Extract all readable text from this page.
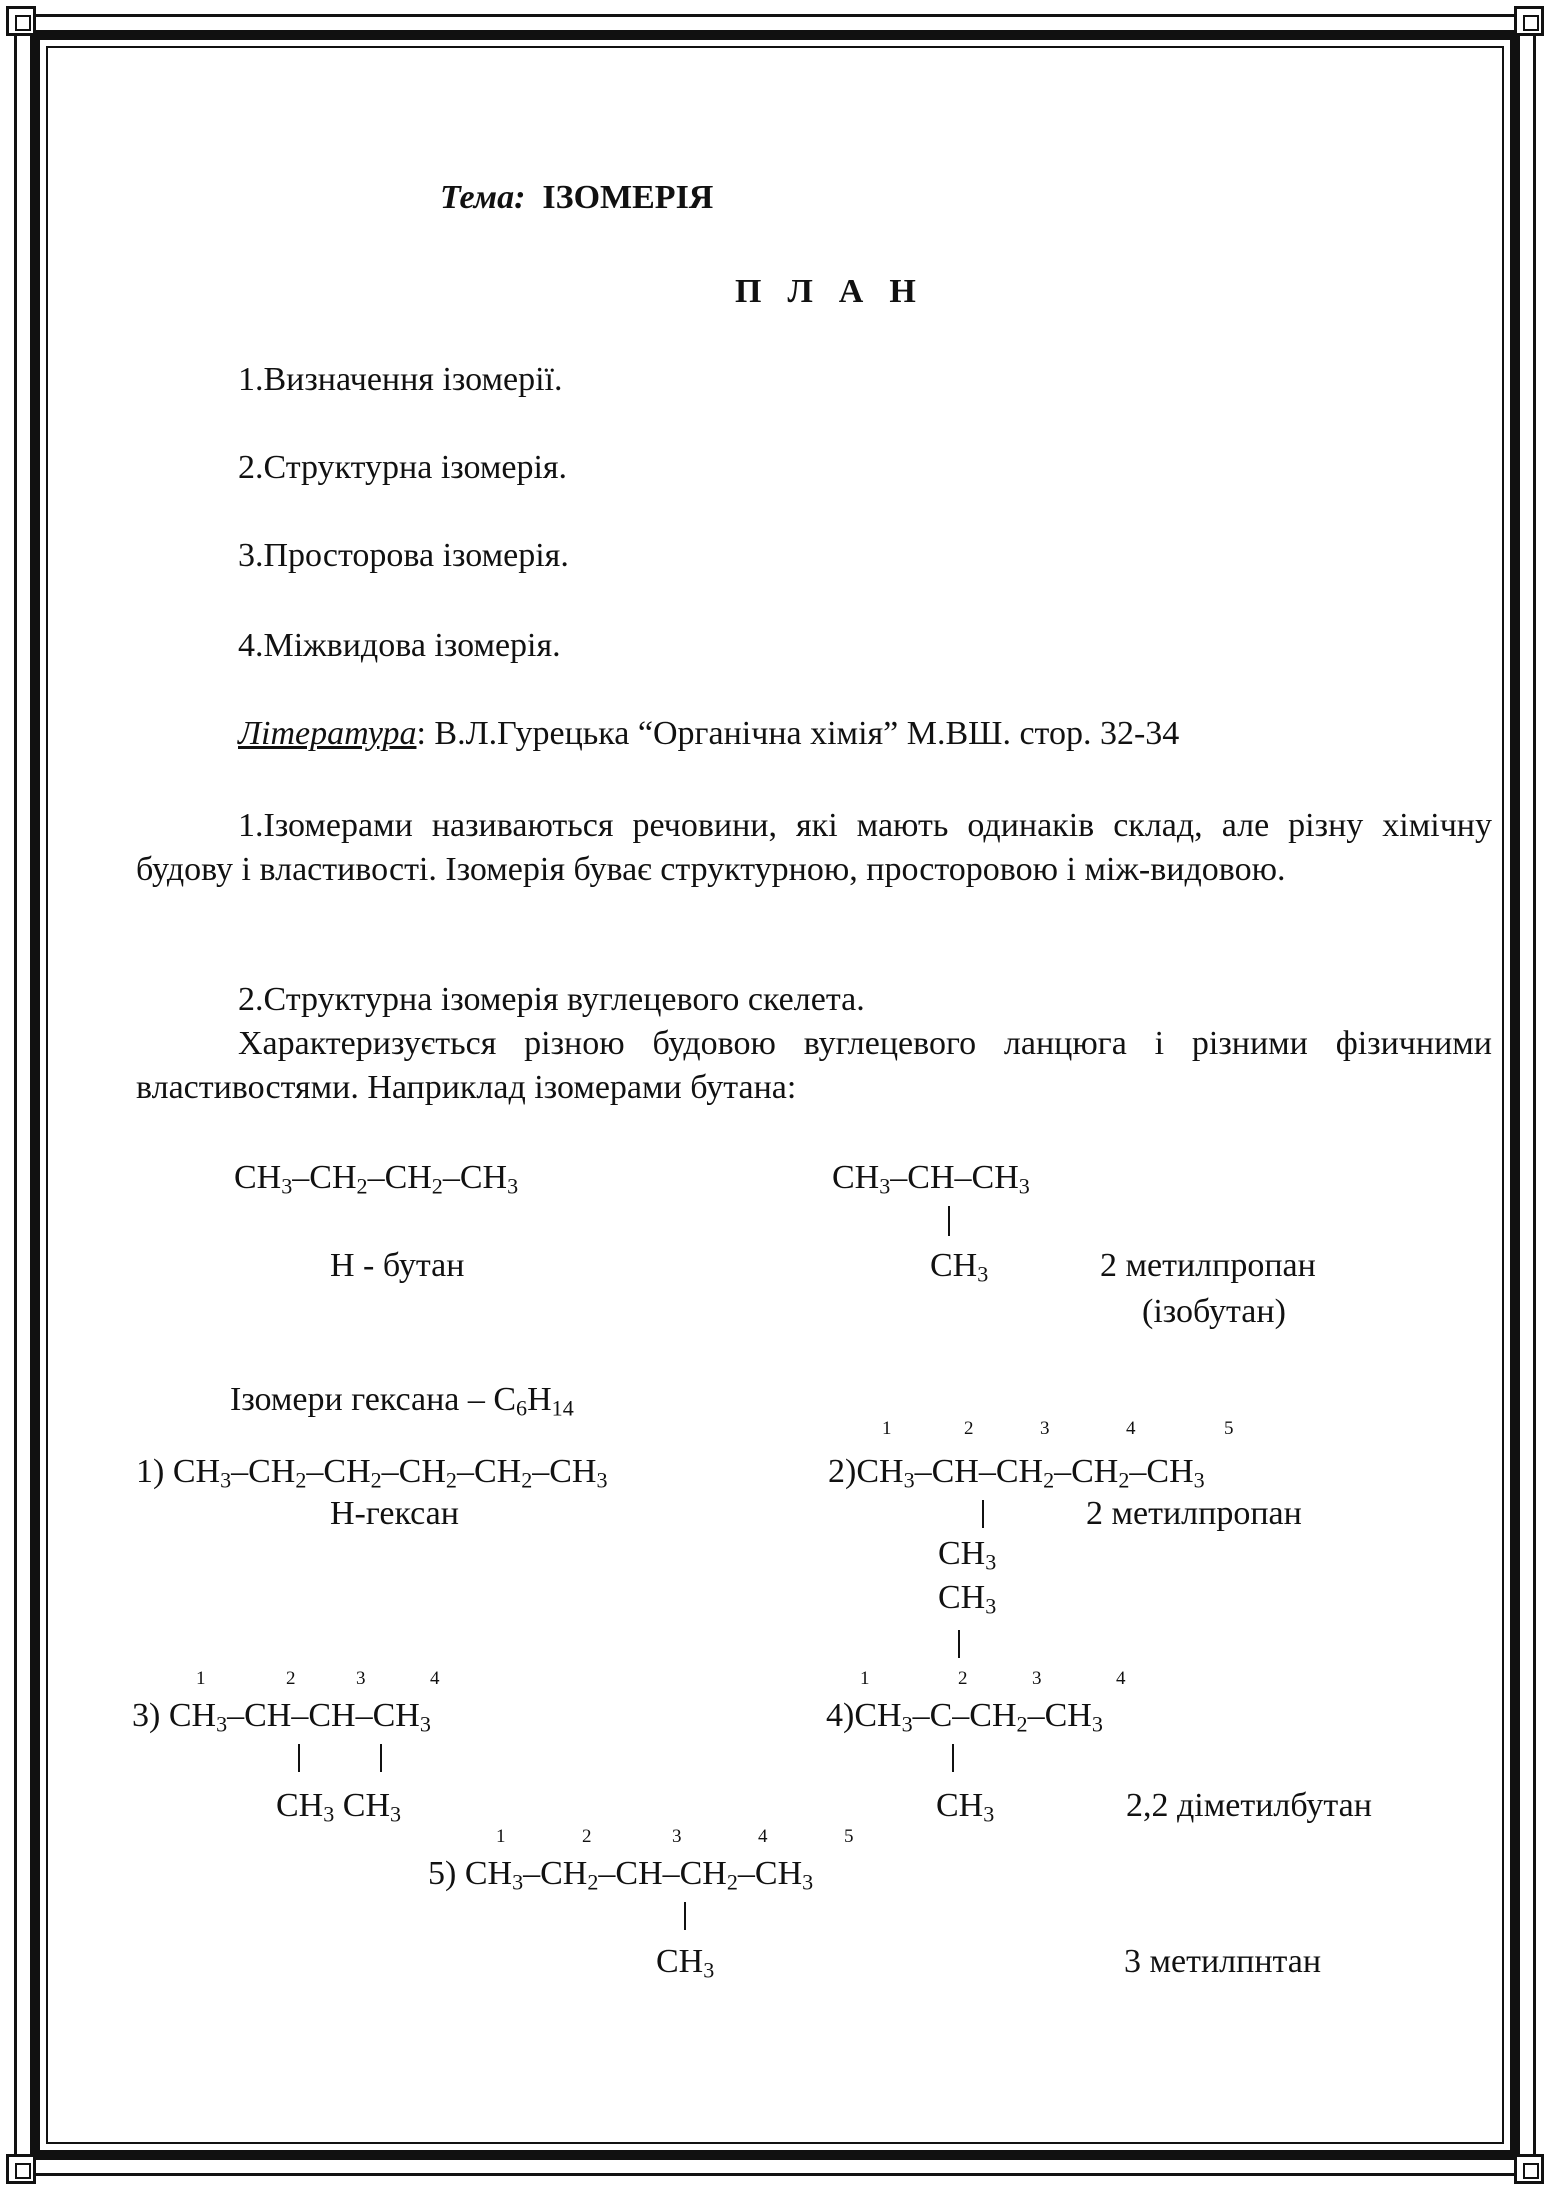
Тема: ІЗОМЕРІЯ
ПЛАН
1.Визначення ізомерії.
2.Структурна ізомерія.
3.Просторова ізомерія.
4.Міжвидова ізомерія.
Література: В.Л.Гурецька “Органічна хімія” М.ВШ. стор. 32-34
1.Ізомерами називаються речовини, які мають одинаків склад, але різну хімічну будову і властивості. Ізомерія буває структурною, просторовою і між-видовою.
2.Структурна ізомерія вуглецевого скелета.
Характеризується різною будовою вуглецевого ланцюга і різними фізичними властивостями. Наприклад ізомерами бутана:
$CH_3-CH_2-CH_2-CH_3$
Н - бутан
$CH_3-CH-CH_3$
$CH_3$	2 метилпропан
(ізобутан)
Ізомери гексана – $C_6H_{14}$
1) $CH_3-CH_2-CH_2-CH_2-CH_2-CH_3$
Н-гексан
1	2	3	4	5
$2)CH_3-CH-CH_2-CH_2-CH_3$
2 метилпропан
$CH_3$
$CH_3$
1	2	3	4
3) $CH_3-CH-CH-CH_3$
$CH_3$ $CH_3$
1	2	3	4
$4)CH_3-C-CH_2-CH_3$
$CH_3$	2,2 діметилбутан
1	2	3	4	5
5) $CH_3-CH_2-CH-CH_2-CH_3$
$CH_3$	3 метилпнтан
